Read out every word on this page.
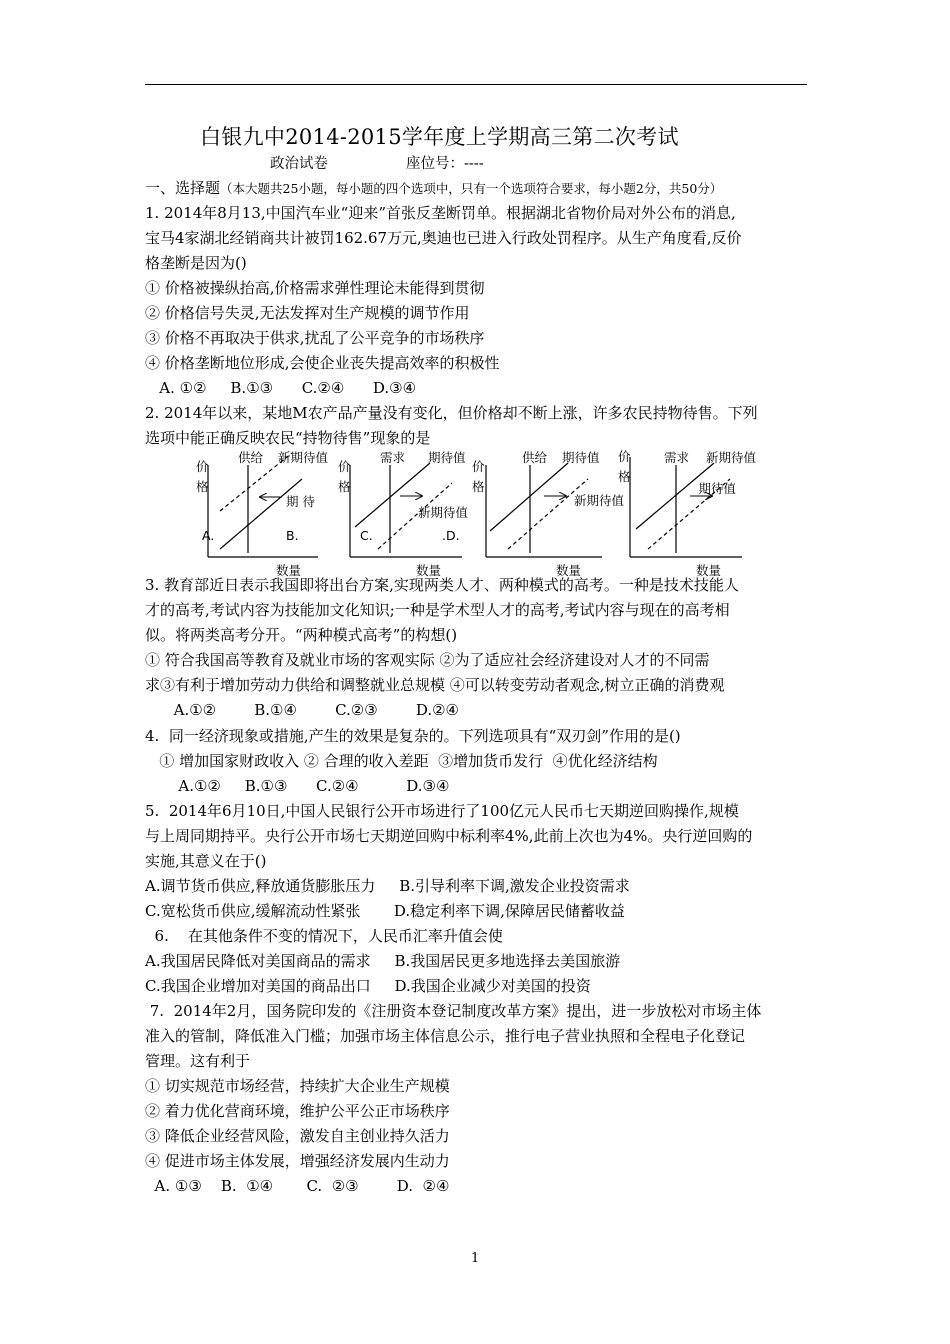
白银九中2014-2015学年度上学期高三第二次考试
政治试卷	座位号：----
一、选择题（本大题共25小题，每小题的四个选项中，只有一个选项符合要求，每小题2分，共50分）
1. 2014年8月13,中国汽车业“迎来”首张反垄断罚单。根据湖北省物价局对外公布的消息,
宝马4家湖北经销商共计被罚162.67万元,奥迪也已进入行政处罚程序。从生产角度看,反价
格垄断是因为()
① 价格被操纵抬高,价格需求弹性理论未能得到贯彻
② 价格信号失灵,无法发挥对生产规模的调节作用
③ 价格不再取决于供求,扰乱了公平竞争的市场秩序
④ 价格垄断地位形成,会使企业丧失提高效率的积极性
A. ①②     B.①③      C.②④      D.③④
2. 2014年以来，某地M农产品产量没有变化，但价格却不断上涨，许多农民持物待售。下列
选项中能正确反映农民“持物待售”现象的是
3. 教育部近日表示我国即将出台方案,实现两类人才、两种模式的高考。一种是技术技能人
才的高考,考试内容为技能加文化知识;一种是学术型人才的高考,考试内容与现在的高考相
似。将两类高考分开。“两种模式高考”的构想()
① 符合我国高等教育及就业市场的客观实际 ②为了适应社会经济建设对人才的不同需
求③有利于增加劳动力供给和调整就业总规模 ④可以转变劳动者观念,树立正确的消费观
A.①②        B.①④        C.②③        D.②④
4.  同一经济现象或措施,产生的效果是复杂的。下列选项具有“双刃剑”作用的是()
① 增加国家财政收入 ② 合理的收入差距  ③增加货币发行  ④优化经济结构
A.①②     B.①③      C.②④          D.③④
5.  2014年6月10日,中国人民银行公开市场进行了100亿元人民币七天期逆回购操作,规模
与上周同期持平。央行公开市场七天期逆回购中标利率4%,此前上次也为4%。央行逆回购的
实施,其意义在于()
A.调节货币供应,释放通货膨胀压力     B.引导利率下调,激发企业投资需求
C.宽松货币供应,缓解流动性紧张       D.稳定利率下调,保障居民储蓄收益
6.    在其他条件不变的情况下，人民币汇率升值会使
A.我国居民降低对美国商品的需求     B.我国居民更多地选择去美国旅游
C.我国企业增加对美国的商品出口     D.我国企业减少对美国的投资
7.  2014年2月，国务院印发的《注册资本登记制度改革方案》提出，进一步放松对市场主体
准入的管制，降低准入门槛；加强市场主体信息公示，推行电子营业执照和全程电子化登记
管理。这有利于
① 切实规范市场经营，持续扩大企业生产规模
② 着力优化营商环境，维护公平公正市场秩序
③ 降低企业经营风险，激发自主创业持久活力
④ 促进市场主体发展，增强经济发展内生动力
A. ①③    B.  ①④       C.  ②③        D.  ②④
价
格
供给 新期待值
期 待
A.	B.
数量
价
格
需求 期待值
新期待值
C.	.D.
数量
价
格
供给 期待值
新期待值
数量
价
格
需求 新期待值
期待值
数量
1
